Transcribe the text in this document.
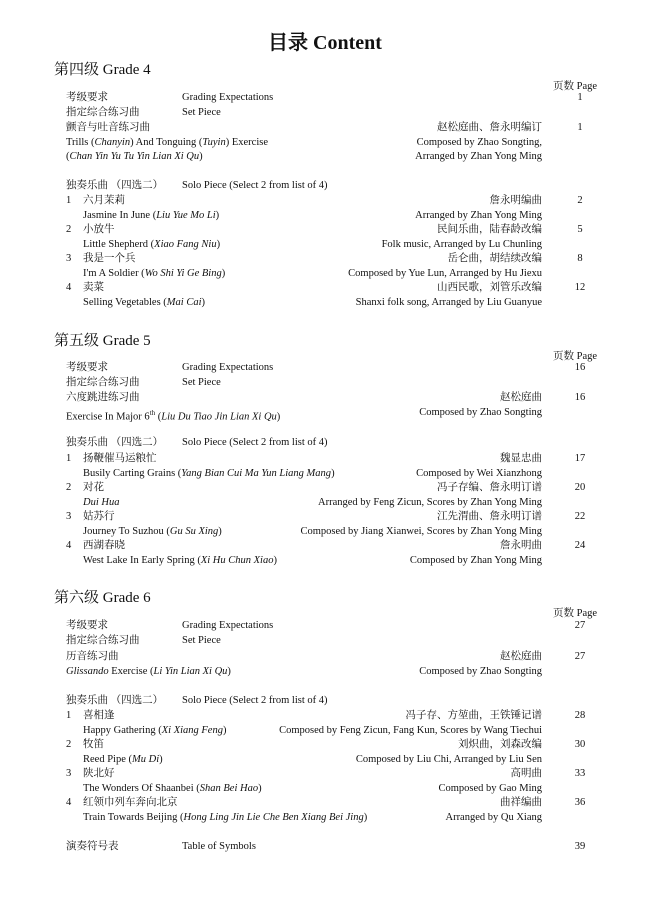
目录 Content
第四级 Grade 4
页数 Page
考级要求	Grading Expectations	1
指定综合练习曲	Set Piece
颤音与吐音练习曲	赵松庭曲、詹永明编订	1
Trills (Chanyin) And Tonguing (Tuyin) Exercise	Composed by Zhao Songting,
(Chan Yin Yu Tu Yin Lian Xi Qu)	Arranged by Zhan Yong Ming
独奏乐曲 （四选二） Solo Piece (Select 2 from list of 4)
1 六月茉莉	詹永明编曲	2
Jasmine In June (Liu Yue Mo Li)	Arranged by Zhan Yong Ming
2 小放牛	民间乐曲，陆春龄改编	5
Little Shepherd (Xiao Fang Niu)	Folk music, Arranged by Lu Chunling
3 我是一个兵	岳仑曲，胡结续改编	8
I'm A Soldier (Wo Shi Yi Ge Bing)	Composed by Yue Lun, Arranged by Hu Jiexu
4 卖菜	山西民歌，刘管乐改编	12
Selling Vegetables (Mai Cai)	Shanxi folk song, Arranged by Liu Guanyue
第五级 Grade 5
页数 Page
考级要求	Grading Expectations	16
指定综合练习曲	Set Piece
六度跳进练习曲	赵松庭曲	16
Exercise In Major 6th (Liu Du Tiao Jin Lian Xi Qu)	Composed by Zhao Songting
独奏乐曲 （四选二） Solo Piece (Select 2 from list of 4)
1 扬鞭催马运粮忙	魏显忠曲	17
Busily Carting Grains (Yang Bian Cui Ma Yun Liang Mang)	Composed by Wei Xianzhong
2 对花	冯子存编、詹永明订谱	20
Dui Hua	Arranged by Feng Zicun, Scores by Zhan Yong Ming
3 姑苏行	江先渭曲、詹永明订谱	22
Journey To Suzhou (Gu Su Xing)	Composed by Jiang Xianwei, Scores by Zhan Yong Ming
4 西湖春晓	詹永明曲	24
West Lake In Early Spring (Xi Hu Chun Xiao)	Composed by Zhan Yong Ming
第六级 Grade 6
页数 Page
考级要求	Grading Expectations	27
指定综合练习曲	Set Piece
历音练习曲	赵松庭曲	27
Glissando Exercise (Li Yin Lian Xi Qu)	Composed by Zhao Songting
独奏乐曲 （四选二） Solo Piece (Select 2 from list of 4)
1 喜相逢	冯子存、方堃曲，王铁锤记谱	28
Happy Gathering (Xi Xiang Feng)	Composed by Feng Zicun, Fang Kun, Scores by Wang Tiechui
2 牧笛	刘炽曲，刘森改编	30
Reed Pipe (Mu Di)	Composed by Liu Chi, Arranged by Liu Sen
3 陕北好	高明曲	33
The Wonders Of Shaanbei (Shan Bei Hao)	Composed by Gao Ming
4 红领巾列车奔向北京	曲祥编曲	36
Train Towards Beijing (Hong Ling Jin Lie Che Ben Xiang Bei Jing)	Arranged by Qu Xiang
演奏符号表	Table of Symbols	39
